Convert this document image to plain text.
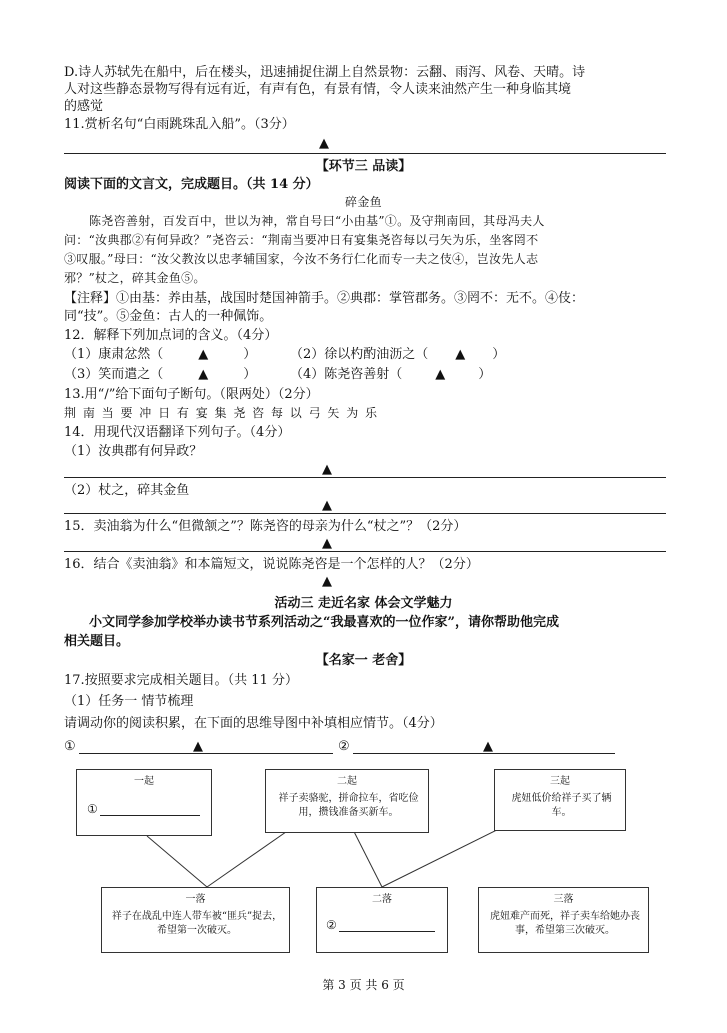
D.诗人苏轼先在船中，后在楼头，迅速捕捉住湖上自然景物：云翻、雨泻、风卷、天晴。诗
人对这些静态景物写得有远有近，有声有色，有景有情，令人读来油然产生一种身临其境
的感觉
11.赏析名句“白雨跳珠乱入船”。（3分）
▲
【环节三 品读】
阅读下面的文言文，完成题目。（共 14 分）
碎金鱼
陈尧咨善射，百发百中，世以为神，常自号曰“小由基”①。及守荆南回，其母冯夫人
问：“汝典郡②有何异政？”尧咨云：“荆南当要冲日有宴集尧咨每以弓矢为乐，坐客罔不
③叹服。”母曰：“汝父教汝以忠孝辅国家，今汝不务行仁化而专一夫之伎④，岂汝先人志
邪？”杖之，碎其金鱼⑤。
【注释】①由基：养由基，战国时楚国神箭手。②典郡：掌管郡务。③罔不：无不。④伎：
同“技”。⑤金鱼：古人的一种佩饰。
12．解释下列加点词的含义。（4分）
（1）康肃忿然（	▲	）	（2）徐以杓酌油沥之（ ▲ ）
（3）笑而遣之（	▲	）	（4）陈尧咨善射（	▲	）
13.用“/”给下面句子断句。（限两处）（2分）
荆 南 当 要 冲 日 有 宴 集 尧 咨 每 以 弓 矢 为 乐
14．用现代汉语翻译下列句子。（4分）
（1）汝典郡有何异政？
▲
（2）杖之，碎其金鱼
▲
15．卖油翁为什么“但微颔之”？陈尧咨的母亲为什么“杖之”？（2分）
▲
16．结合《卖油翁》和本篇短文，说说陈尧咨是一个怎样的人？（2分）
▲
活动三 走近名家 体会文学魅力
小文同学参加学校举办读书节系列活动之“我最喜欢的一位作家”，请你帮助他完成
相关题目。
【名家一 老舍】
17.按照要求完成相关题目。（共 11 分）
（1）任务一 情节梳理
请调动你的阅读积累，在下面的思维导图中补填相应情节。（4分）
①	▲	②	▲
一起
①
二起
祥子卖骆驼，拼命拉车，省吃俭用，攒钱准备买新车。
三起
虎妞低价给祥子买了辆车。
一落
祥子在战乱中连人带车被“匪兵”捉去，希望第一次破灭。
二落
②
三落
虎妞难产而死，祥子卖车给她办丧事，希望第三次破灭。
第 3 页 共 6 页
